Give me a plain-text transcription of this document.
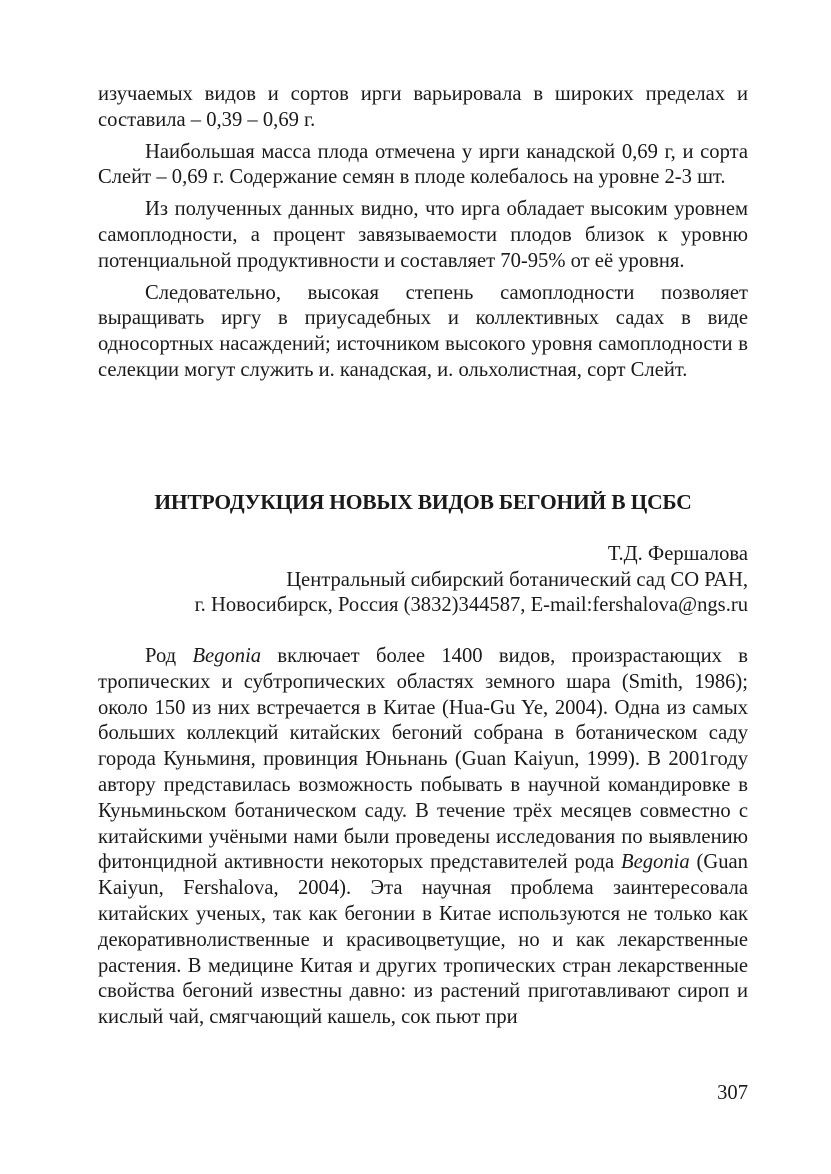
изучаемых видов и сортов ирги варьировала в широких пределах и составила – 0,39 – 0,69 г.

Наибольшая масса плода отмечена у ирги канадской 0,69 г, и сорта Слейт – 0,69 г. Содержание семян в плоде колебалось на уровне 2-3 шт.

Из полученных данных видно, что ирга обладает высоким уровнем самоплодности, а процент завязываемости плодов близок к уровню потенциальной продуктивности и составляет 70-95% от её уровня.

Следовательно, высокая степень самоплодности позволяет выращивать иргу в приусадебных и коллективных садах в виде односортных насаждений; источником высокого уровня самоплодности в селекции могут служить и. канадская, и. ольхолистная, сорт Слейт.

ИНТРОДУКЦИЯ НОВЫХ ВИДОВ БЕГОНИЙ В ЦСБС
Т.Д. Фершалова
Центральный сибирский ботанический сад СО РАН,
г. Новосибирск, Россия (3832)344587, E-mail:fershalova@ngs.ru

Род Begonia включает более 1400 видов, произрастающих в тропических и субтропических областях земного шара (Smith, 1986); около 150 из них встречается в Китае (Hua-Gu Ye, 2004). Одна из самых больших коллекций китайских бегоний собрана в ботаническом саду города Куньминя, провинция Юньнань (Guan Kaiyun, 1999). В 2001году автору представилась возможность побывать в научной командировке в Куньминьском ботаническом саду. В течение трёх месяцев совместно с китайскими учёными нами были проведены исследования по выявлению фитонцидной активности некоторых представителей рода Begonia (Guan Kaiyun, Fershalova, 2004). Эта научная проблема заинтересовала китайских ученых, так как бегонии в Китае используются не только как декоративнолиственные и красивоцветущие, но и как лекарственные растения. В медицине Китая и других тропических стран лекарственные свойства бегоний известны давно: из растений приготавливают сироп и кислый чай, смягчающий кашель, сок пьют при

307
